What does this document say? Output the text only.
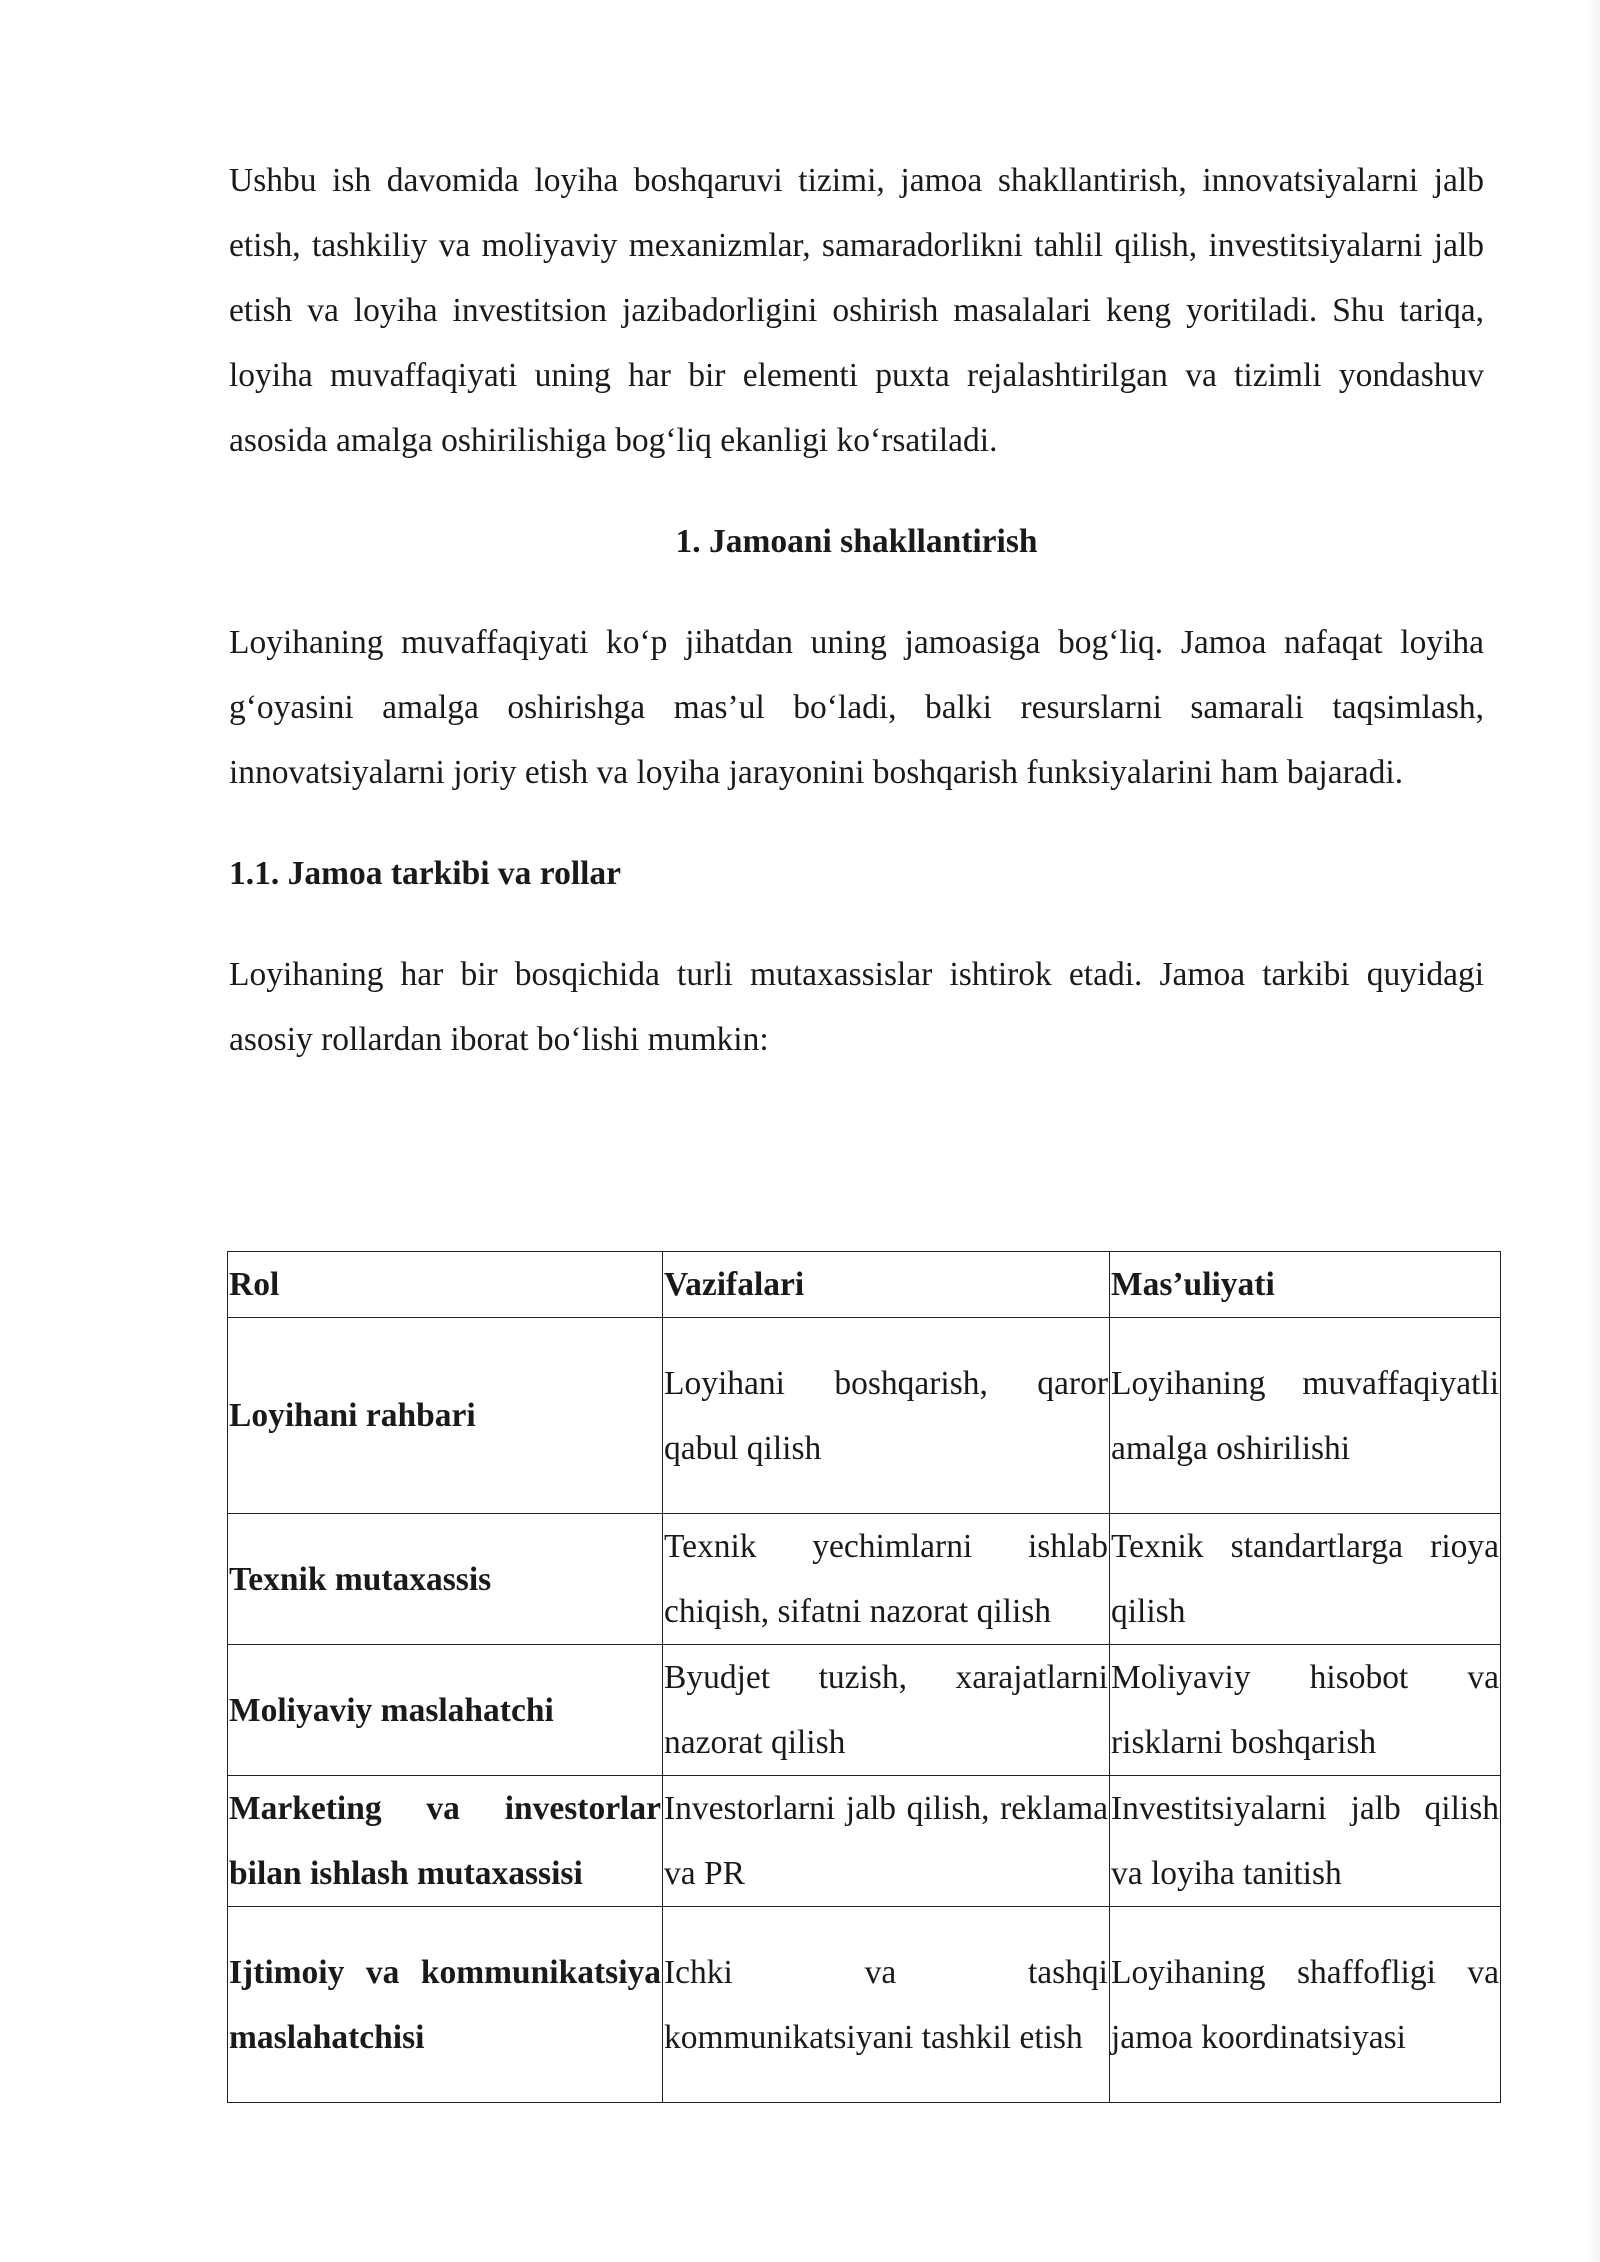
Ushbu ish davomida loyiha boshqaruvi tizimi, jamoa shakllantirish, innovatsiyalarni jalb etish, tashkiliy va moliyaviy mexanizmlar, samaradorlikni tahlil qilish, investitsiyalarni jalb etish va loyiha investitsion jazibadorligini oshirish masalalari keng yoritiladi. Shu tariqa, loyiha muvaffaqiyati uning har bir elementi puxta rejalashtirilgan va tizimli yondashuv asosida amalga oshirilishiga bog‘liq ekanligi ko‘rsatiladi.

1. Jamoani shakllantirish

Loyihaning muvaffaqiyati ko‘p jihatdan uning jamoasiga bog‘liq. Jamoa nafaqat loyiha g‘oyasini amalga oshirishga mas’ul bo‘ladi, balki resurslarni samarali taqsimlash, innovatsiyalarni joriy etish va loyiha jarayonini boshqarish funksiyalarini ham bajaradi.

1.1. Jamoa tarkibi va rollar

Loyihaning har bir bosqichida turli mutaxassislar ishtirok etadi. Jamoa tarkibi quyidagi asosiy rollardan iborat bo‘lishi mumkin:

Rol	Vazifalari	Mas’uliyati
Loyihani rahbari	Loyihani boshqarish, qaror qabul qilish	Loyihaning muvaffaqiyatli amalga oshirilishi
Texnik mutaxassis	Texnik yechimlarni ishlab chiqish, sifatni nazorat qilish	Texnik standartlarga rioya qilish
Moliyaviy maslahatchi	Byudjet tuzish, xarajatlarni nazorat qilish	Moliyaviy hisobot va risklarni boshqarish
Marketing va investorlar bilan ishlash mutaxassisi	Investorlarni jalb qilish, reklama va PR	Investitsiyalarni jalb qilish va loyiha tanitish
Ijtimoiy va kommunikatsiya maslahatchisi	Ichki va tashqi kommunikatsiyani tashkil etish	Loyihaning shaffofligi va jamoa koordinatsiyasi
